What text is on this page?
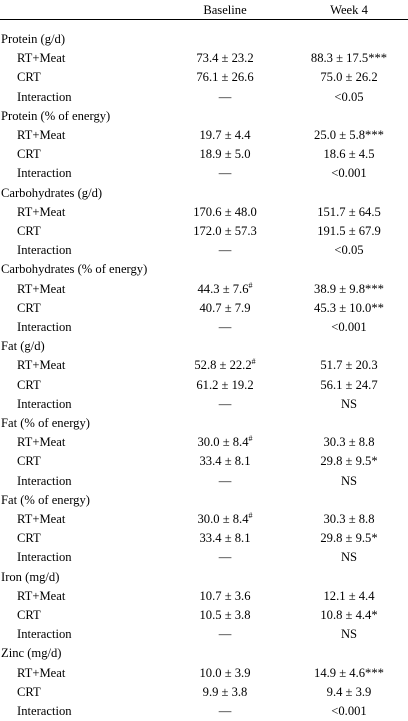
Baseline	Week 4
Protein (g/d)
RT+Meat	73.4 ± 23.2	88.3 ± 17.5***
CRT	76.1 ± 26.6	75.0 ± 26.2
Interaction	—	<0.05
Protein (% of energy)
RT+Meat	19.7 ± 4.4	25.0 ± 5.8***
CRT	18.9 ± 5.0	18.6 ± 4.5
Interaction	—	<0.001
Carbohydrates (g/d)
RT+Meat	170.6 ± 48.0	151.7 ± 64.5
CRT	172.0 ± 57.3	191.5 ± 67.9
Interaction	—	<0.05
Carbohydrates (% of energy)
RT+Meat	44.3 ± 7.6#	38.9 ± 9.8***
CRT	40.7 ± 7.9	45.3 ± 10.0**
Interaction	—	<0.001
Fat (g/d)
RT+Meat	52.8 ± 22.2#	51.7 ± 20.3
CRT	61.2 ± 19.2	56.1 ± 24.7
Interaction	—	NS
Fat (% of energy)
RT+Meat	30.0 ± 8.4#	30.3 ± 8.8
CRT	33.4 ± 8.1	29.8 ± 9.5*
Interaction	—	NS
Fat (% of energy)
RT+Meat	30.0 ± 8.4#	30.3 ± 8.8
CRT	33.4 ± 8.1	29.8 ± 9.5*
Interaction	—	NS
Iron (mg/d)
RT+Meat	10.7 ± 3.6	12.1 ± 4.4
CRT	10.5 ± 3.8	10.8 ± 4.4*
Interaction	—	NS
Zinc (mg/d)
RT+Meat	10.0 ± 3.9	14.9 ± 4.6***
CRT	9.9 ± 3.8	9.4 ± 3.9
Interaction	—	<0.001
